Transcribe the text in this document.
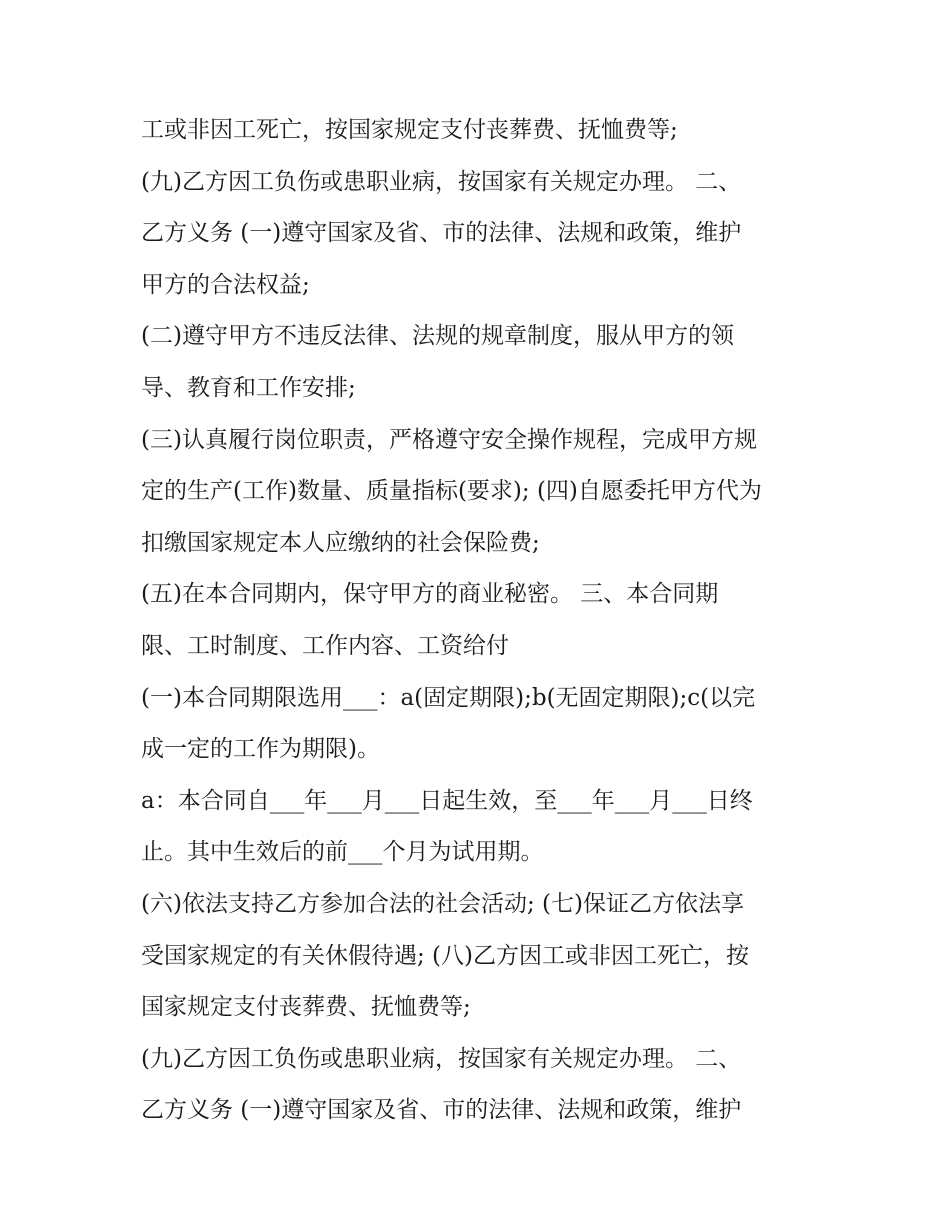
工或非因工死亡，按国家规定支付丧葬费、抚恤费等;
(九)乙方因工负伤或患职业病，按国家有关规定办理。 二、
乙方义务 (一)遵守国家及省、市的法律、法规和政策，维护
甲方的合法权益;
(二)遵守甲方不违反法律、法规的规章制度，服从甲方的领
导、教育和工作安排;
(三)认真履行岗位职责，严格遵守安全操作规程，完成甲方规
定的生产(工作)数量、质量指标(要求); (四)自愿委托甲方代为
扣缴国家规定本人应缴纳的社会保险费;
(五)在本合同期内，保守甲方的商业秘密。 三、本合同期
限、工时制度、工作内容、工资给付
(一)本合同期限选用___：a(固定期限);b(无固定期限);c(以完
成一定的工作为期限)。
a：本合同自___年___月___日起生效，至___年___月___日终
止。其中生效后的前___个月为试用期。
(六)依法支持乙方参加合法的社会活动; (七)保证乙方依法享
受国家规定的有关休假待遇; (八)乙方因工或非因工死亡，按
国家规定支付丧葬费、抚恤费等;
(九)乙方因工负伤或患职业病，按国家有关规定办理。 二、
乙方义务 (一)遵守国家及省、市的法律、法规和政策，维护
